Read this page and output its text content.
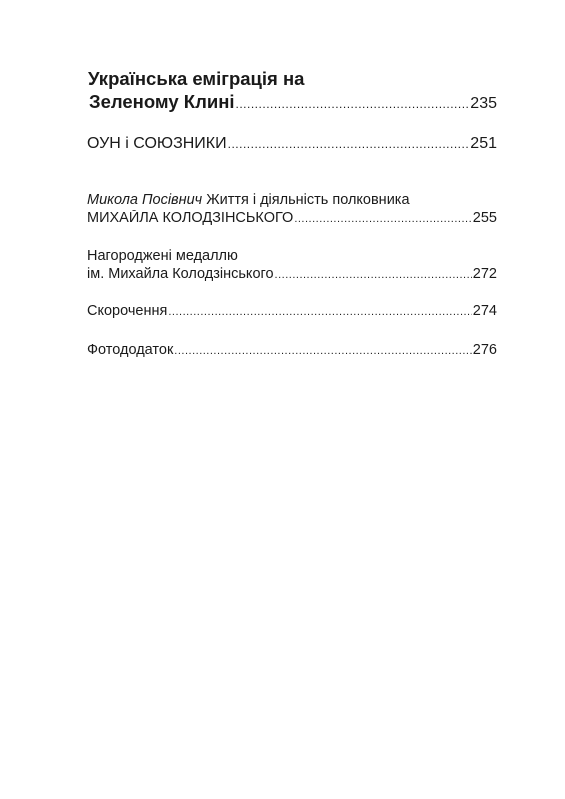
Українська еміграція на
Зеленому Клині .....	235
ОУН і СОЮЗНИКИ .....	251
Микола Посівнич Життя і діяльність полковника
МИХАЙЛА КОЛОДЗІНСЬКОГО .....	255
Нагороджені медаллю
ім. Михайла Колодзінського .....	272
Скорочення .....	274
Фотододаток .....	276
